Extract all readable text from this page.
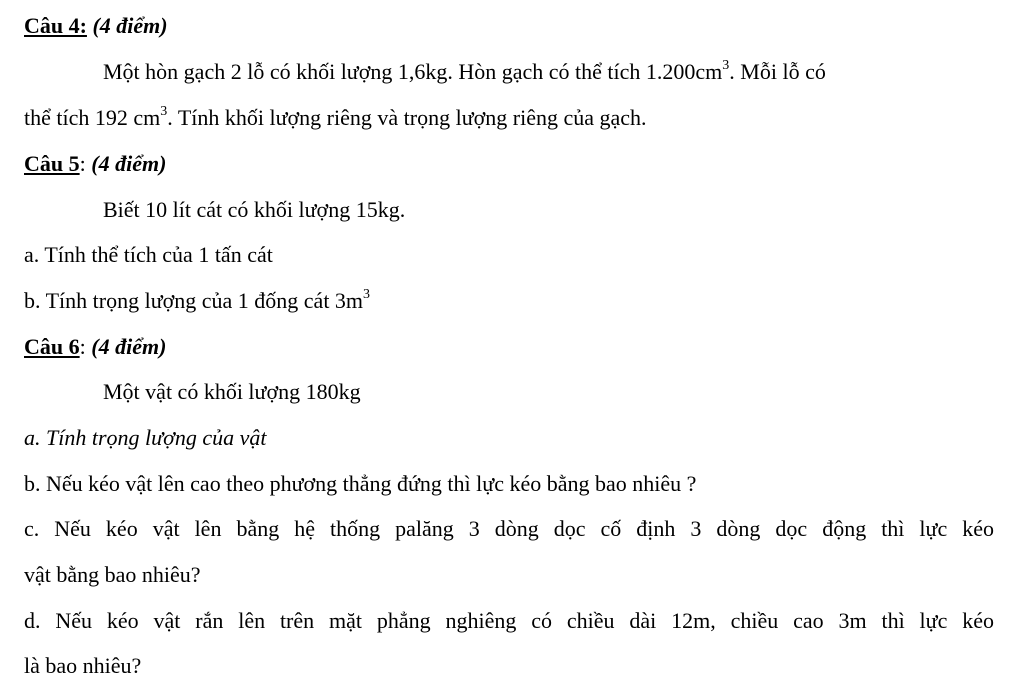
Câu 4: (4 điểm)
Một hòn gạch 2 lỗ có khối lượng 1,6kg. Hòn gạch có thể tích $1.200cm^3$. Mỗi lỗ có
thể tích 192 $cm^3$. Tính khối lượng riêng và trọng lượng riêng của gạch.
Câu 5: (4 điểm)
Biết 10 lít cát có khối lượng 15kg.
a. Tính thể tích của 1 tấn cát
b. Tính trọng lượng của 1 đống cát $3m^3$
Câu 6: (4 điểm)
Một vật có khối lượng 180kg
a. Tính trọng lượng của vật
b. Nếu kéo vật lên cao theo phương thẳng đứng thì lực kéo bằng bao nhiêu ?
c. Nếu kéo vật lên bằng hệ thống palăng 3 dòng dọc cố định 3 dòng dọc động thì lực kéo
vật bằng bao nhiêu?
d. Nếu kéo vật rắn lên trên mặt phẳng nghiêng có chiều dài 12m, chiều cao 3m thì lực kéo
là bao nhiêu?
